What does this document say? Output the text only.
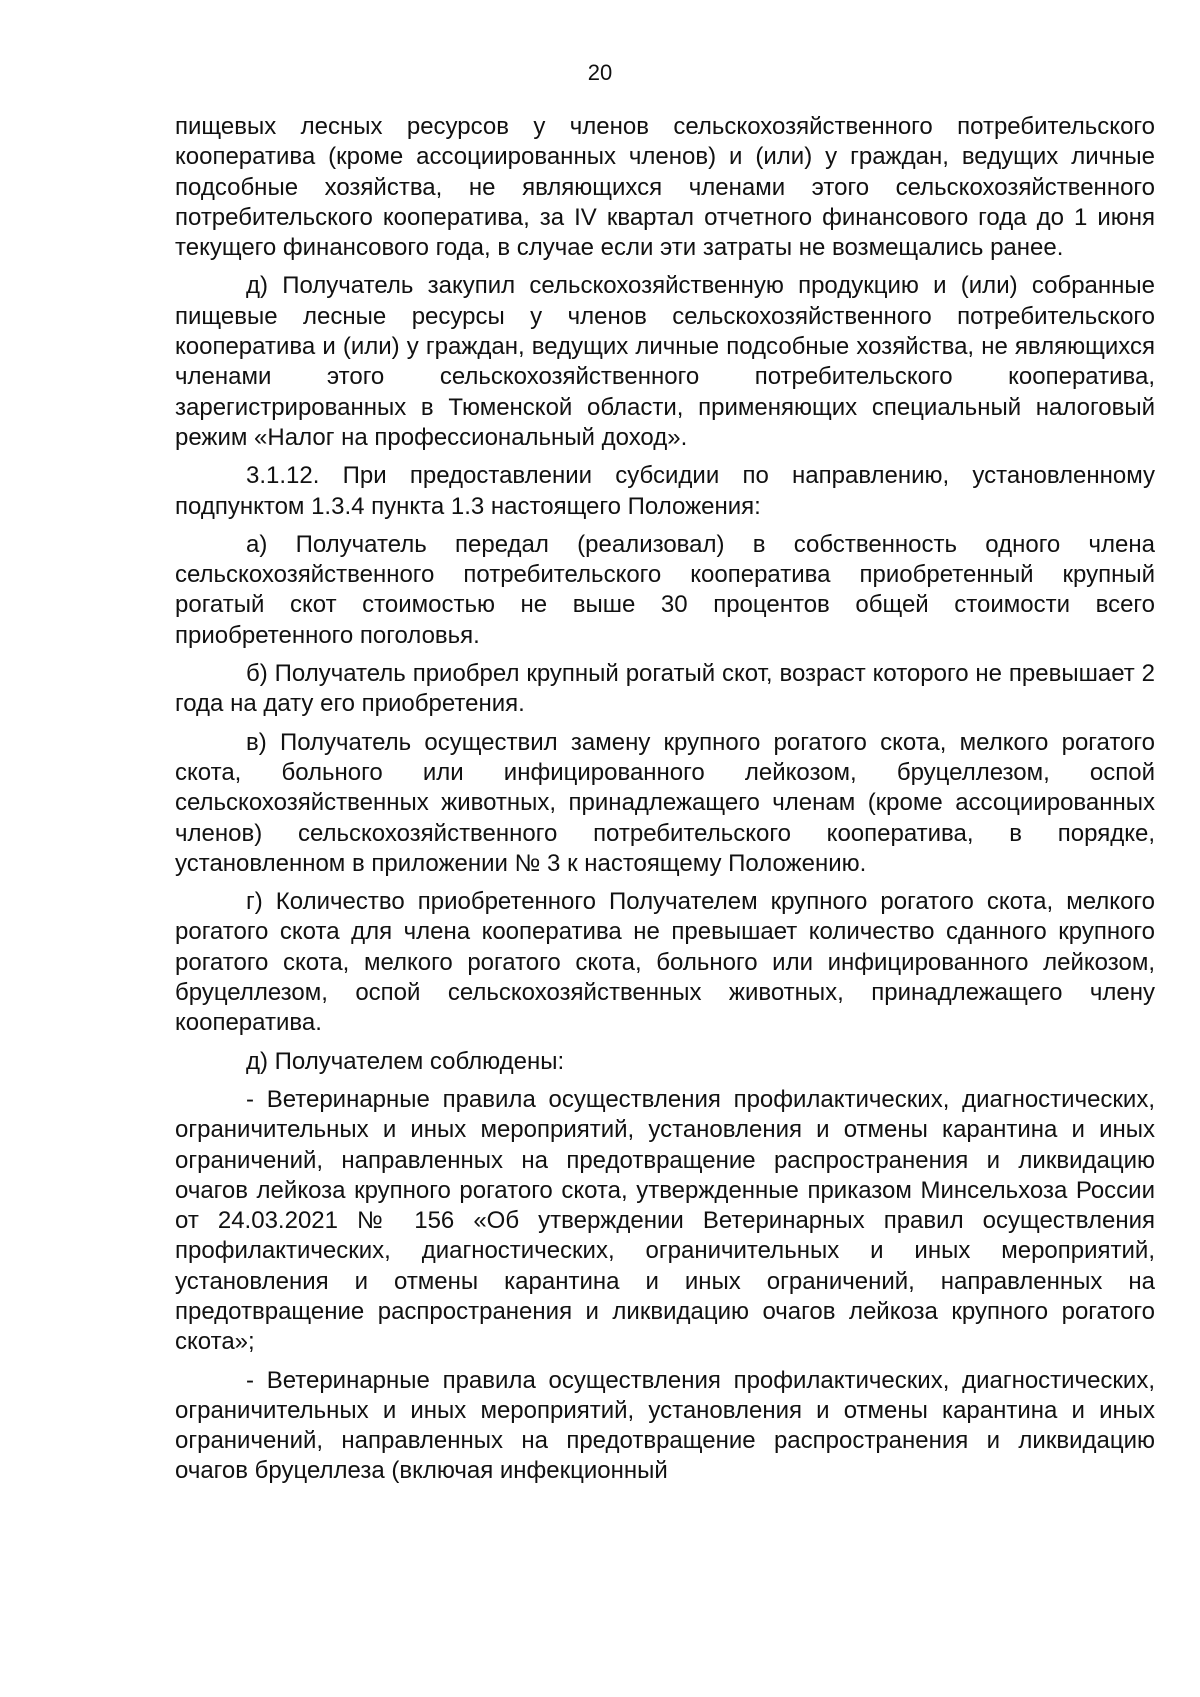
20

пищевых лесных ресурсов у членов сельскохозяйственного потребительского кооператива (кроме ассоциированных членов) и (или) у граждан, ведущих личные подсобные хозяйства, не являющихся членами этого сельскохозяйственного потребительского кооператива, за IV квартал отчетного финансового года до 1 июня текущего финансового года, в случае если эти затраты не возмещались ранее.

д) Получатель закупил сельскохозяйственную продукцию и (или) собранные пищевые лесные ресурсы у членов сельскохозяйственного потребительского кооператива и (или) у граждан, ведущих личные подсобные хозяйства, не являющихся членами этого сельскохозяйственного потребительского кооператива, зарегистрированных в Тюменской области, применяющих специальный налоговый режим «Налог на профессиональный доход».

3.1.12. При предоставлении субсидии по направлению, установленному подпунктом 1.3.4 пункта 1.3 настоящего Положения:

а) Получатель передал (реализовал) в собственность одного члена сельскохозяйственного потребительского кооператива приобретенный крупный рогатый скот стоимостью не выше 30 процентов общей стоимости всего приобретенного поголовья.

б) Получатель приобрел крупный рогатый скот, возраст которого не превышает 2 года на дату его приобретения.

в) Получатель осуществил замену крупного рогатого скота, мелкого рогатого скота, больного или инфицированного лейкозом, бруцеллезом, оспой сельскохозяйственных животных, принадлежащего членам (кроме ассоциированных членов) сельскохозяйственного потребительского кооператива, в порядке, установленном в приложении № 3 к настоящему Положению.

г) Количество приобретенного Получателем крупного рогатого скота, мелкого рогатого скота для члена кооператива не превышает количество сданного крупного рогатого скота, мелкого рогатого скота, больного или инфицированного лейкозом, бруцеллезом, оспой сельскохозяйственных животных, принадлежащего члену кооператива.

д) Получателем соблюдены:

- Ветеринарные правила осуществления профилактических, диагностических, ограничительных и иных мероприятий, установления и отмены карантина и иных ограничений, направленных на предотвращение распространения и ликвидацию очагов лейкоза крупного рогатого скота, утвержденные приказом Минсельхоза России от 24.03.2021 № 156 «Об утверждении Ветеринарных правил осуществления профилактических, диагностических, ограничительных и иных мероприятий, установления и отмены карантина и иных ограничений, направленных на предотвращение распространения и ликвидацию очагов лейкоза крупного рогатого скота»;

- Ветеринарные правила осуществления профилактических, диагностических, ограничительных и иных мероприятий, установления и отмены карантина и иных ограничений, направленных на предотвращение распространения и ликвидацию очагов бруцеллеза (включая инфекционный
